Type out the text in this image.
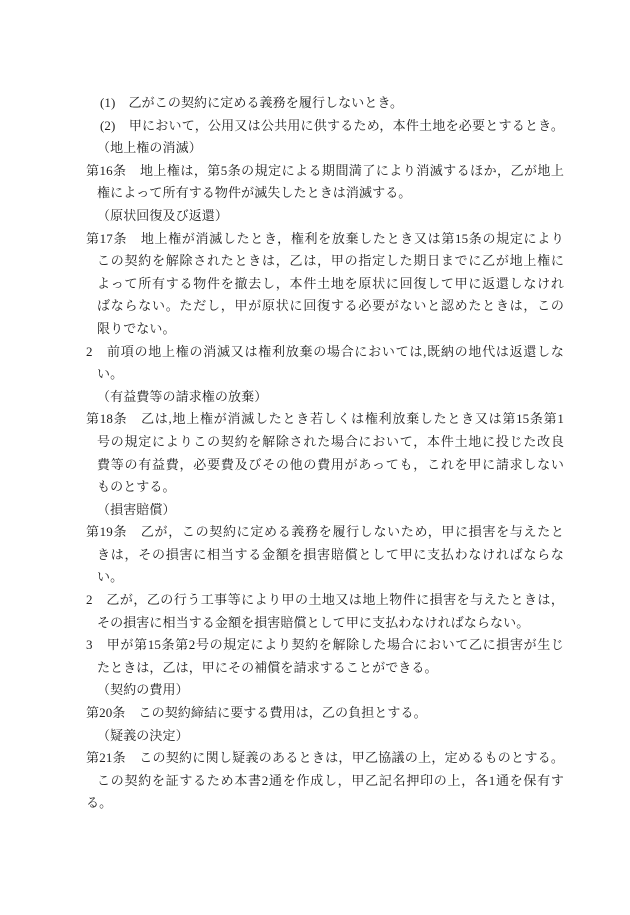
(1)　乙がこの契約に定める義務を履行しないとき。
(2)　甲において，公用又は公共用に供するため，本件土地を必要とするとき。
（地上権の消滅）
第16条　地上権は，第5条の規定による期間満了により消滅するほか，乙が地上
権によって所有する物件が滅失したときは消滅する。
（原状回復及び返還）
第17条　地上権が消滅したとき，権利を放棄したとき又は第15条の規定により
この契約を解除されたときは，乙は，甲の指定した期日までに乙が地上権に
よって所有する物件を撤去し，本件土地を原状に回復して甲に返還しなけれ
ばならない。ただし，甲が原状に回復する必要がないと認めたときは，この
限りでない。
2　前項の地上権の消滅又は権利放棄の場合においては,既納の地代は返還しな
い。
（有益費等の請求権の放棄）
第18条　乙は,地上権が消滅したとき若しくは権利放棄したとき又は第15条第1
号の規定によりこの契約を解除された場合において，本件土地に投じた改良
費等の有益費，必要費及びその他の費用があっても，これを甲に請求しない
ものとする。
（損害賠償）
第19条　乙が，この契約に定める義務を履行しないため，甲に損害を与えたと
きは，その損害に相当する金額を損害賠償として甲に支払わなければならな
い。
2　乙が，乙の行う工事等により甲の土地又は地上物件に損害を与えたときは，
その損害に相当する金額を損害賠償として甲に支払わなければならない。
3　甲が第15条第2号の規定により契約を解除した場合において乙に損害が生じ
たときは，乙は，甲にその補償を請求することができる。
（契約の費用）
第20条　この契約締結に要する費用は，乙の負担とする。
（疑義の決定）
第21条　この契約に関し疑義のあるときは，甲乙協議の上，定めるものとする。
この契約を証するため本書2通を作成し，甲乙記名押印の上，各1通を保有す
る。
